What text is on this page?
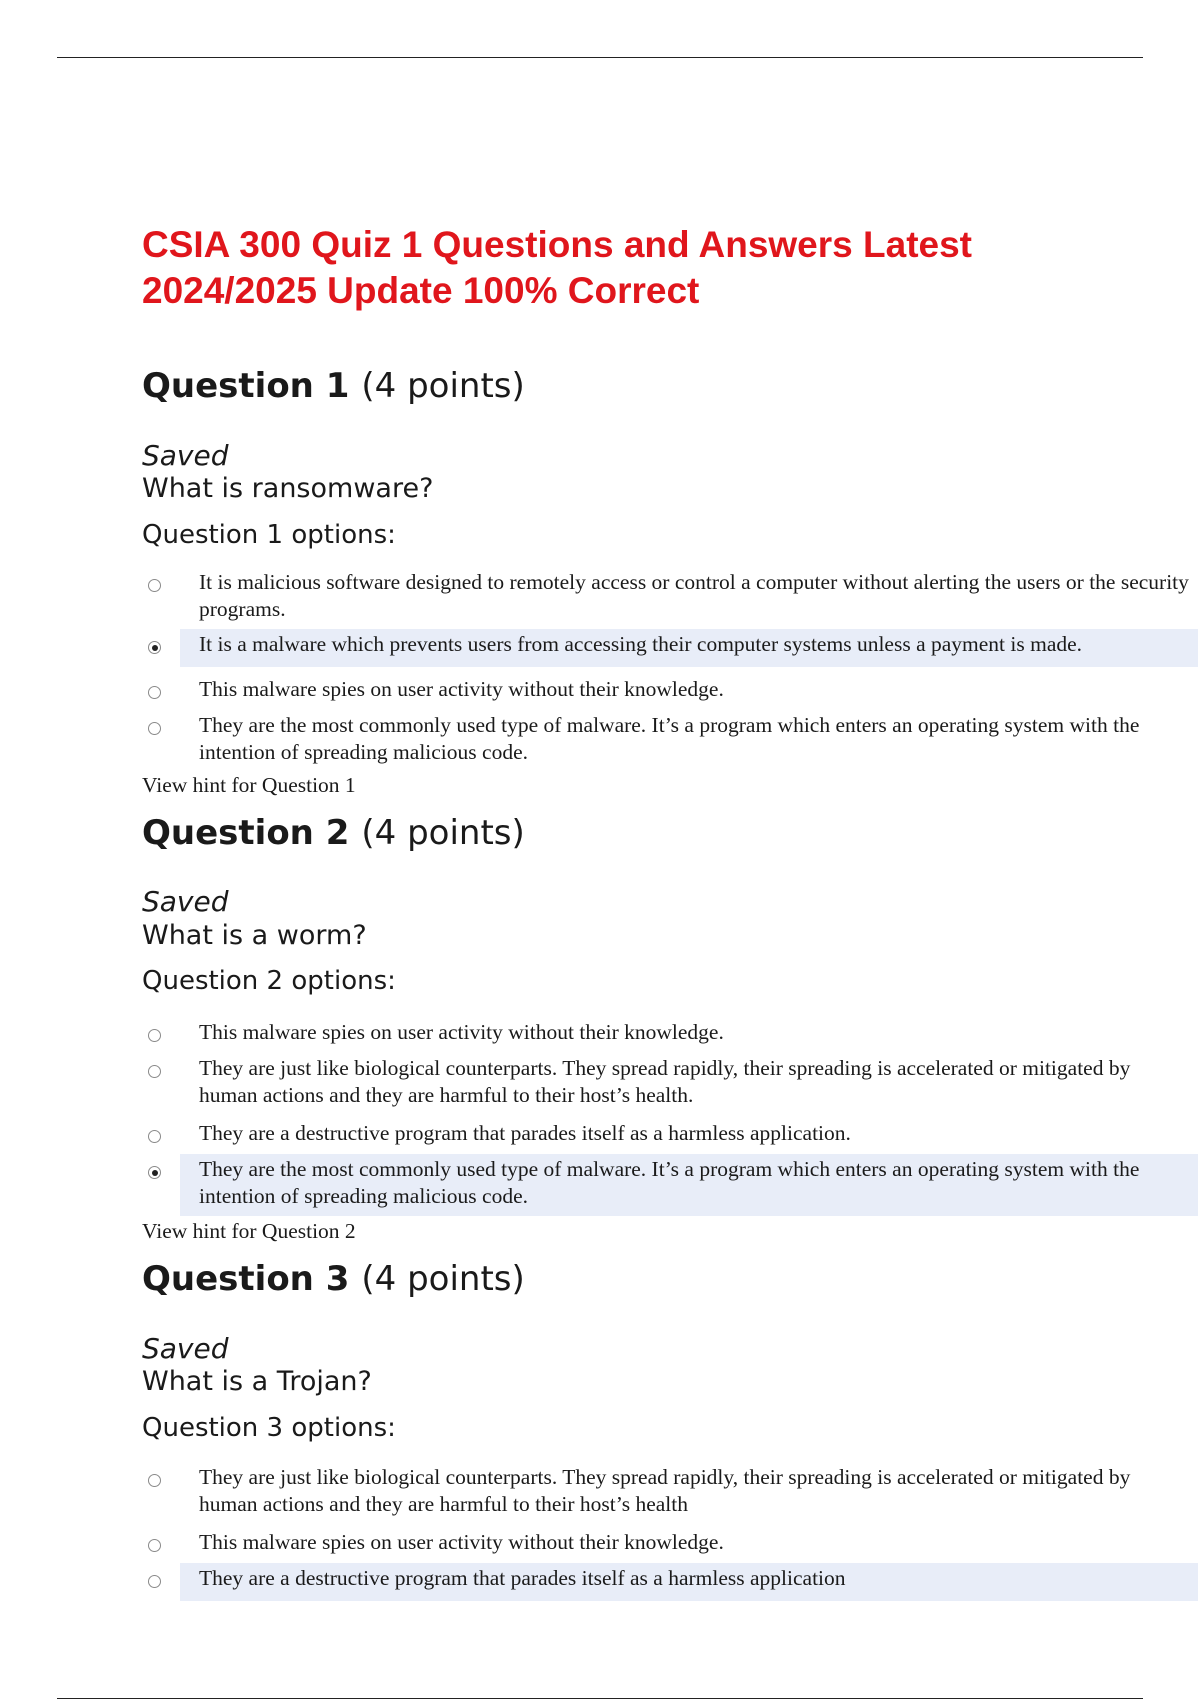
CSIA 300 Quiz 1 Questions and Answers Latest 2024/2025 Update 100% Correct
Question 1 (4 points)
Saved
What is ransomware?
Question 1 options:
It is malicious software designed to remotely access or control a computer without alerting the users or the security programs.
It is a malware which prevents users from accessing their computer systems unless a payment is made.
This malware spies on user activity without their knowledge.
They are the most commonly used type of malware. It’s a program which enters an operating system with the intention of spreading malicious code.
View hint for Question 1
Question 2 (4 points)
Saved
What is a worm?
Question 2 options:
This malware spies on user activity without their knowledge.
They are just like biological counterparts. They spread rapidly, their spreading is accelerated or mitigated by human actions and they are harmful to their host’s health.
They are a destructive program that parades itself as a harmless application.
They are the most commonly used type of malware. It’s a program which enters an operating system with the intention of spreading malicious code.
View hint for Question 2
Question 3 (4 points)
Saved
What is a Trojan?
Question 3 options:
They are just like biological counterparts. They spread rapidly, their spreading is accelerated or mitigated by human actions and they are harmful to their host’s health
This malware spies on user activity without their knowledge.
They are a destructive program that parades itself as a harmless application
